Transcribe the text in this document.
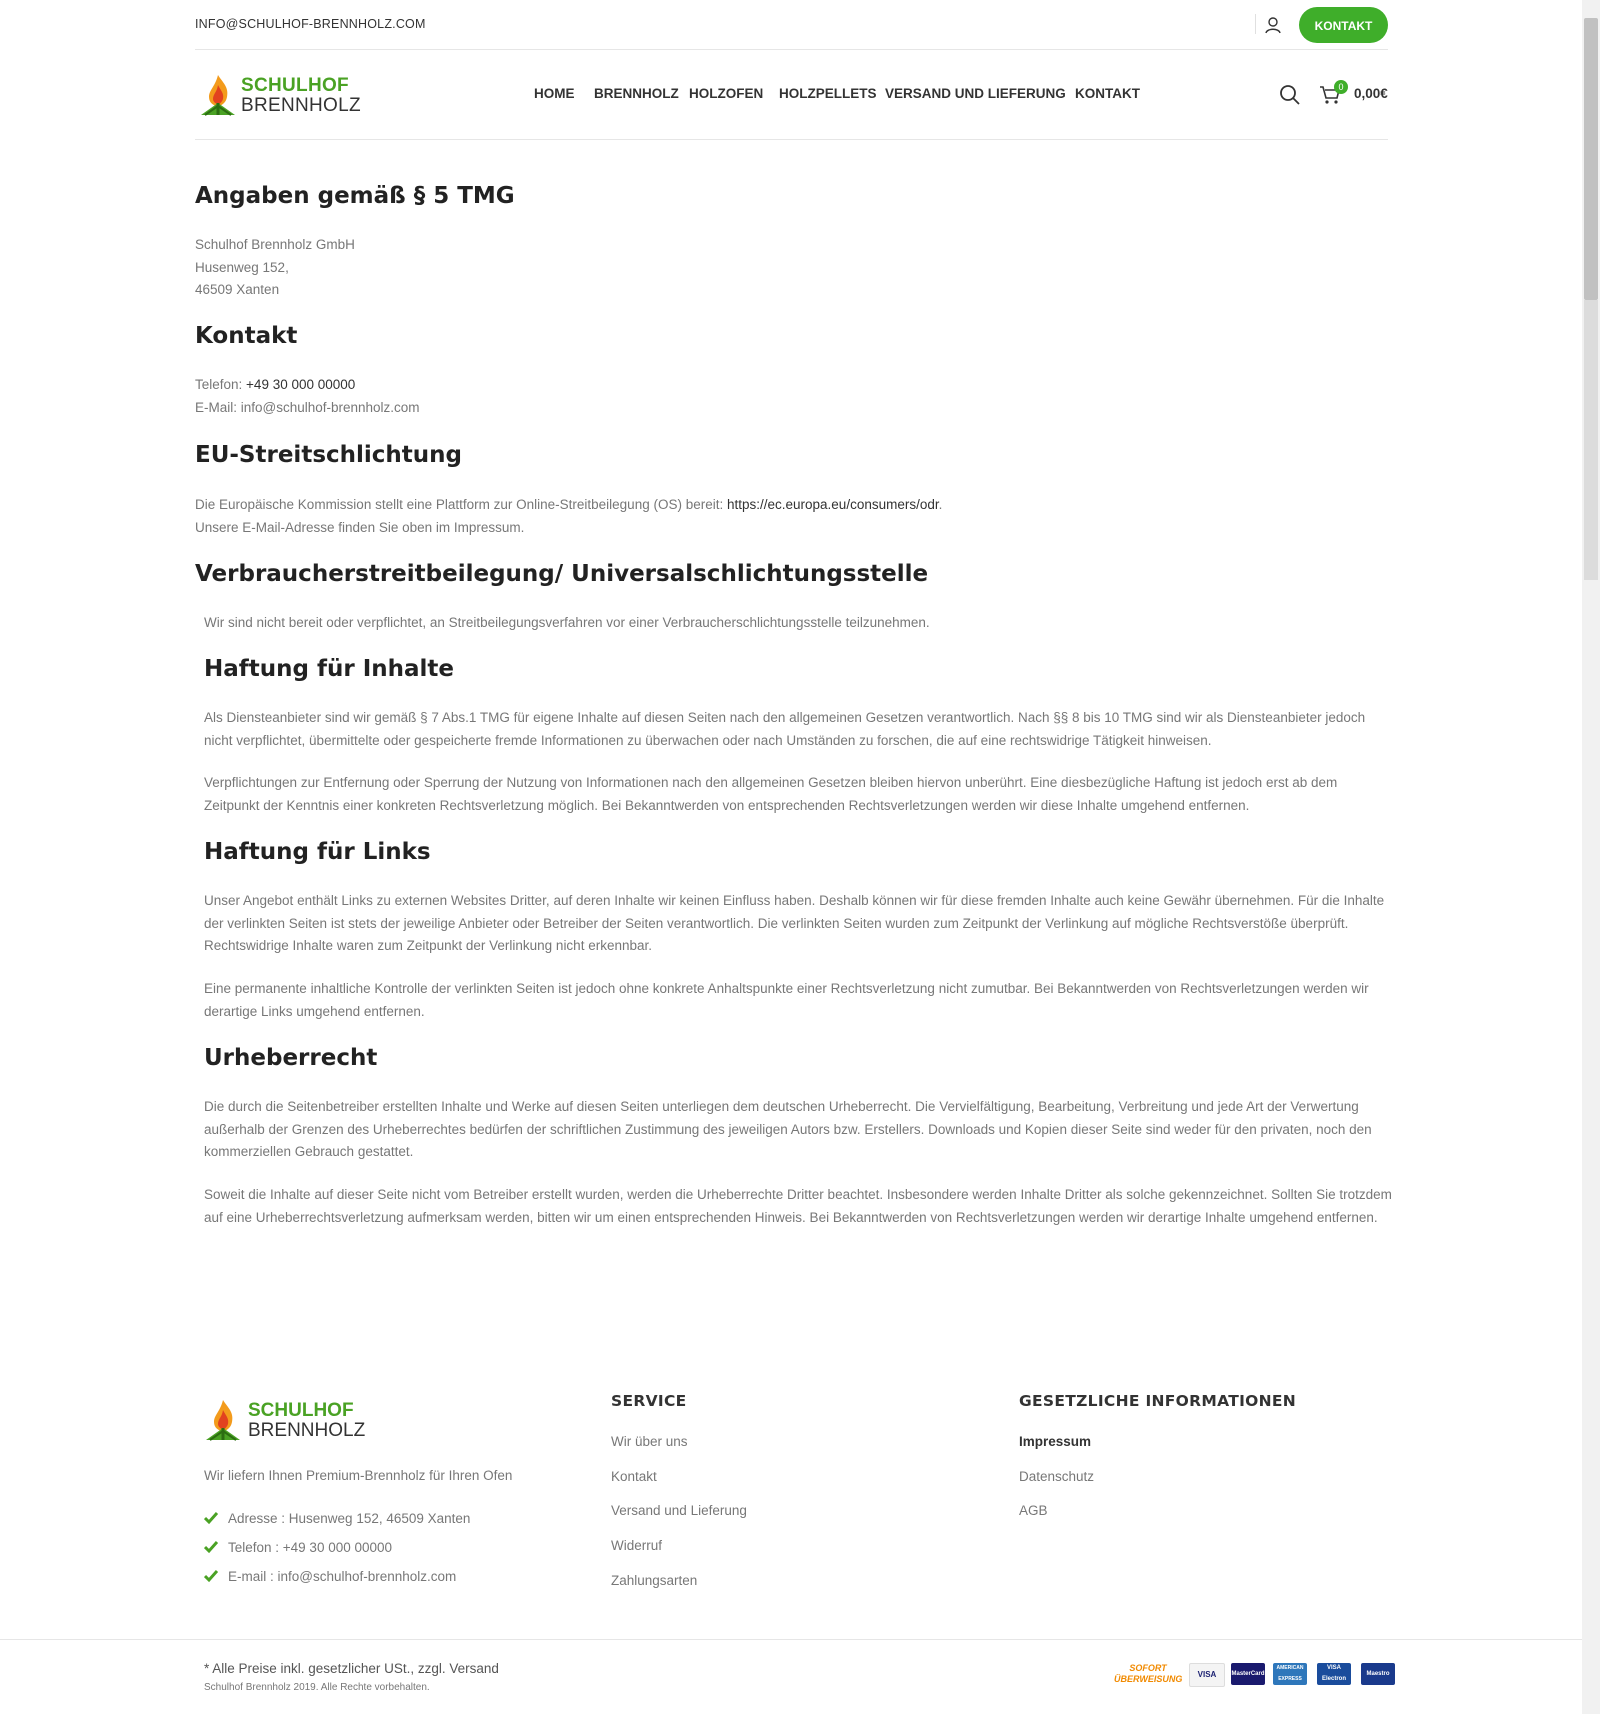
INFO@SCHULHOF-BRENNHOLZ.COM	KONTAKT
SCHULHOF
BRENNHOLZ
HOME BRENNHOLZ HOLZOFEN HOLZPELLETS VERSAND UND LIEFERUNG KONTAKT	0 0,00€
Angaben gemäß § 5 TMG
Schulhof Brennholz GmbH
Husenweg 152,
46509 Xanten
Kontakt
Telefon: +49 30 000 00000
E-Mail: info@schulhof-brennholz.com
EU-Streitschlichtung
Die Europäische Kommission stellt eine Plattform zur Online-Streitbeilegung (OS) bereit: https://ec.europa.eu/consumers/odr.
Unsere E-Mail-Adresse finden Sie oben im Impressum.
Verbraucherstreitbeilegung/ Universalschlichtungsstelle
Wir sind nicht bereit oder verpflichtet, an Streitbeilegungsverfahren vor einer Verbraucherschlichtungsstelle teilzunehmen.
Haftung für Inhalte
Als Diensteanbieter sind wir gemäß § 7 Abs.1 TMG für eigene Inhalte auf diesen Seiten nach den allgemeinen Gesetzen verantwortlich. Nach §§ 8 bis 10 TMG sind wir als Diensteanbieter jedoch nicht verpflichtet, übermittelte oder gespeicherte fremde Informationen zu überwachen oder nach Umständen zu forschen, die auf eine rechtswidrige Tätigkeit hinweisen.
Verpflichtungen zur Entfernung oder Sperrung der Nutzung von Informationen nach den allgemeinen Gesetzen bleiben hiervon unberührt. Eine diesbezügliche Haftung ist jedoch erst ab dem Zeitpunkt der Kenntnis einer konkreten Rechtsverletzung möglich. Bei Bekanntwerden von entsprechenden Rechtsverletzungen werden wir diese Inhalte umgehend entfernen.
Haftung für Links
Unser Angebot enthält Links zu externen Websites Dritter, auf deren Inhalte wir keinen Einfluss haben. Deshalb können wir für diese fremden Inhalte auch keine Gewähr übernehmen. Für die Inhalte der verlinkten Seiten ist stets der jeweilige Anbieter oder Betreiber der Seiten verantwortlich. Die verlinkten Seiten wurden zum Zeitpunkt der Verlinkung auf mögliche Rechtsverstöße überprüft. Rechtswidrige Inhalte waren zum Zeitpunkt der Verlinkung nicht erkennbar.
Eine permanente inhaltliche Kontrolle der verlinkten Seiten ist jedoch ohne konkrete Anhaltspunkte einer Rechtsverletzung nicht zumutbar. Bei Bekanntwerden von Rechtsverletzungen werden wir derartige Links umgehend entfernen.
Urheberrecht
Die durch die Seitenbetreiber erstellten Inhalte und Werke auf diesen Seiten unterliegen dem deutschen Urheberrecht. Die Vervielfältigung, Bearbeitung, Verbreitung und jede Art der Verwertung außerhalb der Grenzen des Urheberrechtes bedürfen der schriftlichen Zustimmung des jeweiligen Autors bzw. Erstellers. Downloads und Kopien dieser Seite sind weder für den privaten, noch den kommerziellen Gebrauch gestattet.
Soweit die Inhalte auf dieser Seite nicht vom Betreiber erstellt wurden, werden die Urheberrechte Dritter beachtet. Insbesondere werden Inhalte Dritter als solche gekennzeichnet. Sollten Sie trotzdem auf eine Urheberrechtsverletzung aufmerksam werden, bitten wir um einen entsprechenden Hinweis. Bei Bekanntwerden von Rechtsverletzungen werden wir derartige Inhalte umgehend entfernen.
SCHULHOF
BRENNHOLZ
Wir liefern Ihnen Premium-Brennholz für Ihren Ofen
Adresse : Husenweg 152, 46509 Xanten
Telefon : +49 30 000 00000
E-mail : info@schulhof-brennholz.com
SERVICE
Wir über uns
Kontakt
Versand und Lieferung
Widerruf
Zahlungsarten
GESETZLICHE INFORMATIONEN
Impressum
Datenschutz
AGB
* Alle Preise inkl. gesetzlicher USt., zzgl. Versand
Schulhof Brennholz 2019. Alle Rechte vorbehalten.
SOFORT ÜBERWEISUNG	VISA	MasterCard
AMERICAN EXPRESS
VISA Electron
Maestro
